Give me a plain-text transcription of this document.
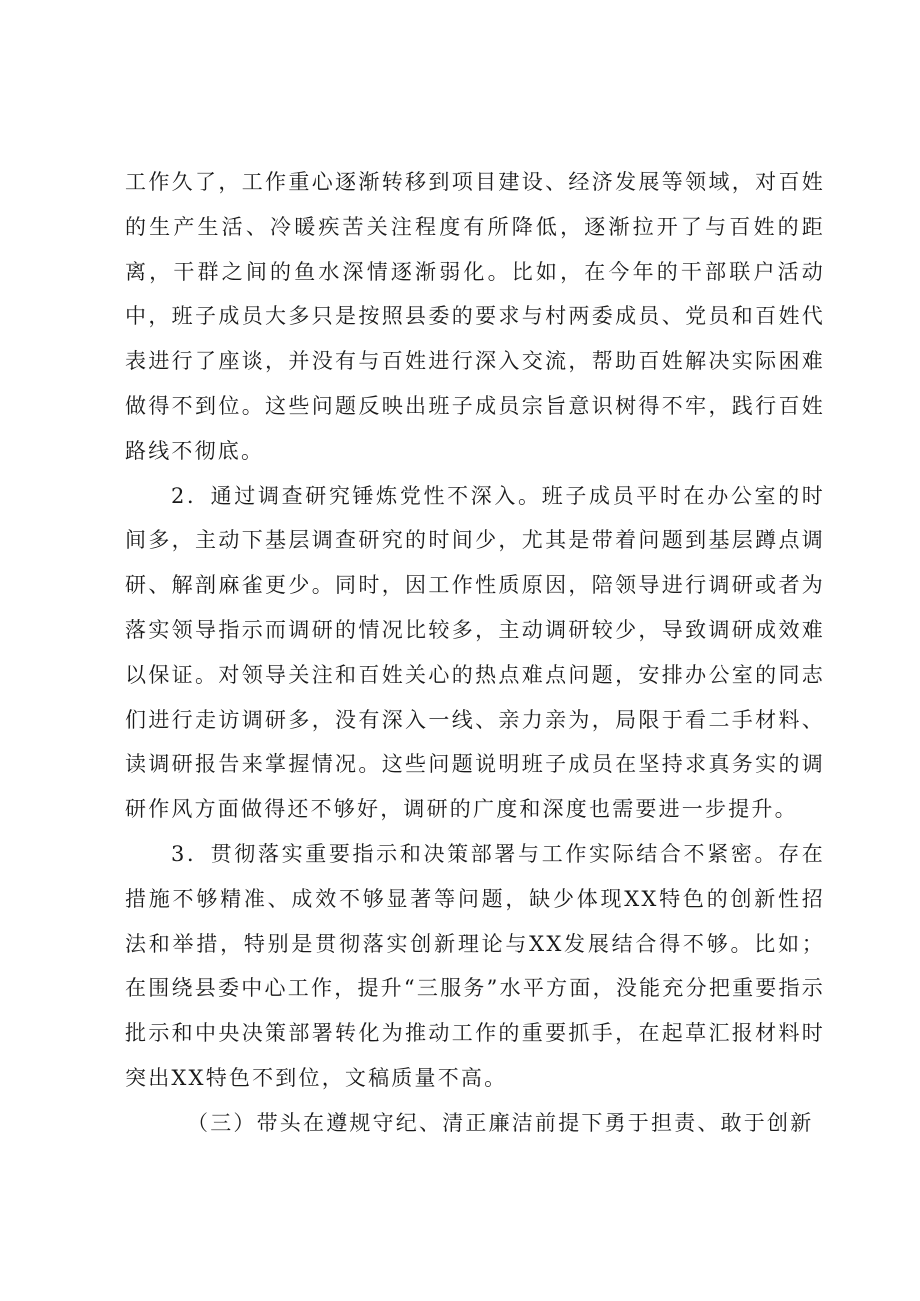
工作久了，工作重心逐渐转移到项目建设、经济发展等领域，对百姓的生产生活、冷暖疾苦关注程度有所降低，逐渐拉开了与百姓的距离，干群之间的鱼水深情逐渐弱化。比如，在今年的干部联户活动中，班子成员大多只是按照县委的要求与村两委成员、党员和百姓代表进行了座谈，并没有与百姓进行深入交流，帮助百姓解决实际困难做得不到位。这些问题反映出班子成员宗旨意识树得不牢，践行百姓路线不彻底。

2．通过调查研究锤炼党性不深入。班子成员平时在办公室的时间多，主动下基层调查研究的时间少，尤其是带着问题到基层蹲点调研、解剖麻雀更少。同时，因工作性质原因，陪领导进行调研或者为落实领导指示而调研的情况比较多，主动调研较少，导致调研成效难以保证。对领导关注和百姓关心的热点难点问题，安排办公室的同志们进行走访调研多，没有深入一线、亲力亲为，局限于看二手材料、读调研报告来掌握情况。这些问题说明班子成员在坚持求真务实的调研作风方面做得还不够好，调研的广度和深度也需要进一步提升。

3．贯彻落实重要指示和决策部署与工作实际结合不紧密。存在措施不够精准、成效不够显著等问题，缺少体现XX特色的创新性招法和举措，特别是贯彻落实创新理论与XX发展结合得不够。比如；在围绕县委中心工作，提升“三服务”水平方面，没能充分把重要指示批示和中央决策部署转化为推动工作的重要抓手，在起草汇报材料时突出XX特色不到位，文稿质量不高。

（三）带头在遵规守纪、清正廉洁前提下勇于担责、敢于创新
